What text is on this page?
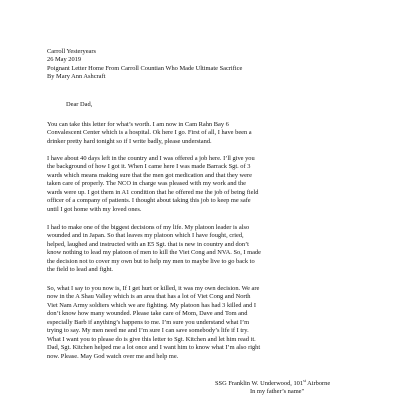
Carroll Yesteryears
26 May 2019
Poignant Letter Home From Carroll Countian Who Made Ultimate Sacrifice
By Mary Ann Ashcraft
Dear Dad,
You can take this letter for what’s worth. I am now in Cam Rahn Bay 6
Convalescent Center which is a hospital. Ok here I go. First of all, I have been a
drinker pretty hard tonight so if I write badly, please understand.
I have about 40 days left in the country and I was offered a job here. I’ll give you
the background of how I got it. When I came here I was made Barrack Sgt. of 3
wards which means making sure that the men got medication and that they were
taken care of properly. The NCO in charge was pleased with my work and the
wards were up. I got them in A1 condition that he offered me the job of being field
officer of a company of patients. I thought about taking this job to keep me safe
until I got home with my loved ones.
I had to make one of the biggest decisions of my life. My platoon leader is also
wounded and in Japan. So that leaves my platoon which I have fought, cried,
helped, laughed and instructed with an E5 Sgt. that is new in country and don’t
know nothing to lead my platoon of men to kill the Viet Cong and NVA. So, I made
the decision not to cover my own but to help my men to maybe live to go back to
the field to lead and fight.
So, what I say to you now is, If I get hurt or killed, it was my own decision. We are
now in the A Shau Valley which is an area that has a lot of Viet Cong and North
Viet Nam Army soldiers which we are fighting. My platoon has had 3 killed and I
don’t know how many wounded. Please take care of Mom, Dave and Tom and
especially Barb if anything’s happens to me. I’m sure you understand what I’m
trying to say. My men need me and I’m sure I can save somebody’s life if I try.
What I want you to please do is give this letter to Sgt. Kitchen and let him read it.
Dad, Sgt. Kitchen helped me a lot once and I want him to know what I’m also right
now. Please. May God watch over me and help me.
SSG Franklin W. Underwood, 101st Airborne
In my father’s name"
